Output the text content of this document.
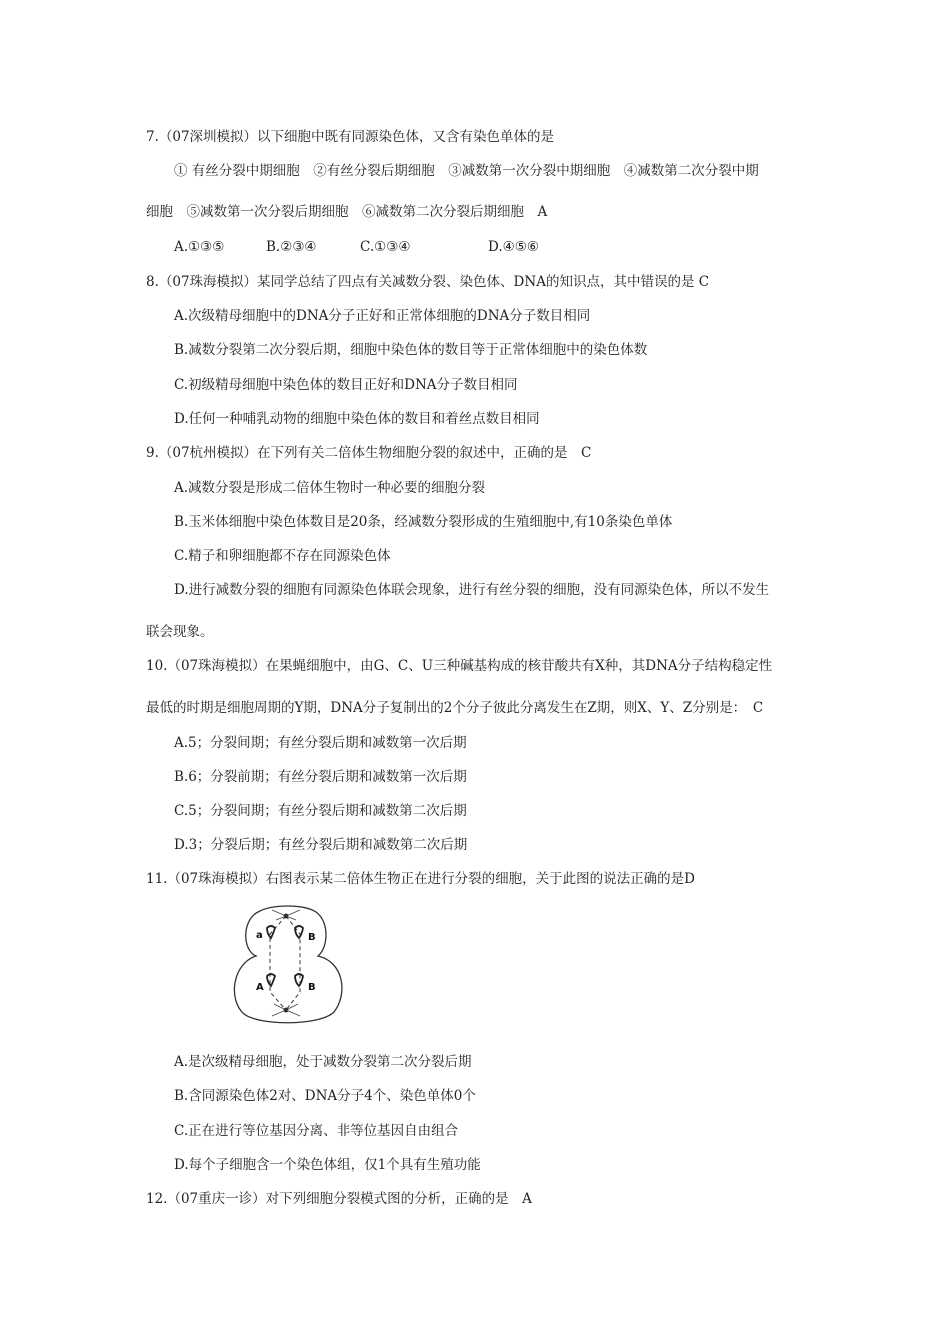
7.（07深圳模拟）以下细胞中既有同源染色体，又含有染色单体的是
① 有丝分裂中期细胞　②有丝分裂后期细胞　③减数第一次分裂中期细胞　④减数第二次分裂中期
细胞　⑤减数第一次分裂后期细胞　⑥减数第二次分裂后期细胞　A
A.①③⑤	B.②③④	C.①③④	D.④⑤⑥
8.（07珠海模拟）某同学总结了四点有关减数分裂、染色体、DNA的知识点，其中错误的是 C
A.次级精母细胞中的DNA分子正好和正常体细胞的DNA分子数目相同
B.减数分裂第二次分裂后期，细胞中染色体的数目等于正常体细胞中的染色体数
C.初级精母细胞中染色体的数目正好和DNA分子数目相同
D.任何一种哺乳动物的细胞中染色体的数目和着丝点数目相同
9.（07杭州模拟）在下列有关二倍体生物细胞分裂的叙述中，正确的是　C
A.减数分裂是形成二倍体生物时一种必要的细胞分裂
B.玉米体细胞中染色体数目是20条，经减数分裂形成的生殖细胞中,有10条染色单体
C.精子和卵细胞都不存在同源染色体
D.进行减数分裂的细胞有同源染色体联会现象，进行有丝分裂的细胞，没有同源染色体，所以不发生
联会现象。
10.（07珠海模拟）在果蝇细胞中，由G、C、U三种碱基构成的核苷酸共有X种，其DNA分子结构稳定性
最低的时期是细胞周期的Y期，DNA分子复制出的2个分子彼此分离发生在Z期，则X、Y、Z分别是：　C
A.5；分裂间期；有丝分裂后期和减数第一次后期
B.6；分裂前期；有丝分裂后期和减数第一次后期
C.5；分裂间期；有丝分裂后期和减数第二次后期
D.3；分裂后期；有丝分裂后期和减数第二次后期
11.（07珠海模拟）右图表示某二倍体生物正在进行分裂的细胞，关于此图的说法正确的是D
a	B
A	B
A.是次级精母细胞，处于减数分裂第二次分裂后期
B.含同源染色体2对、DNA分子4个、染色单体0个
C.正在进行等位基因分离、非等位基因自由组合
D.每个子细胞含一个染色体组，仅1个具有生殖功能
12.（07重庆一诊）对下列细胞分裂模式图的分析，正确的是　A
